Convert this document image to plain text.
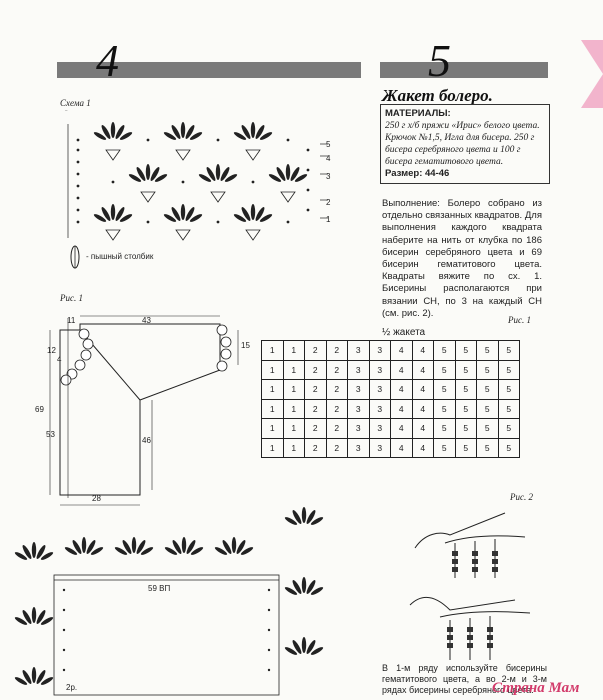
4	5
Схема 1
5
4
3
2
1
- пышный столбик
Рис. 1
11	43
12
4
69
53
46
28
15
59 ВП
2р.
Жакет болеро.
МАТЕРИАЛЫ:
250 г х/б пряжи «Ирис» белого цвета. Крючок №1,5, Игла для бисера. 250 г бисера серебряного цвета и 100 г бисера гематитового цвета.
Размер: 44-46
Выполнение: Болеро собрано из отдельно связанных квадратов. Для выполнения каждого квадрата наберите на нить от клубка по 186 бисерин серебряного цвета и 69 бисерин гематитового цвета. Квадраты вяжите по сх. 1. Бисерины располагаются при вязании СН, по 3 на каждый СН (см. рис. 2).
Рис. 1
½ жакета
1	1	2	2	3	3	4	4	5	5	5	5
1	1	2	2	3	3	4	4	5	5	5	5
1	1	2	2	3	3	4	4	5	5	5	5
1	1	2	2	3	3	4	4	5	5	5	5
1	1	2	2	3	3	4	4	5	5	5	5
1	1	2	2	3	3	4	4	5	5	5	5
Рис. 2
В 1-м ряду используйте бисерины гематитового цвета, а во 2-м и 3-м рядах бисерины серебряного цвета.
Страна Мам
